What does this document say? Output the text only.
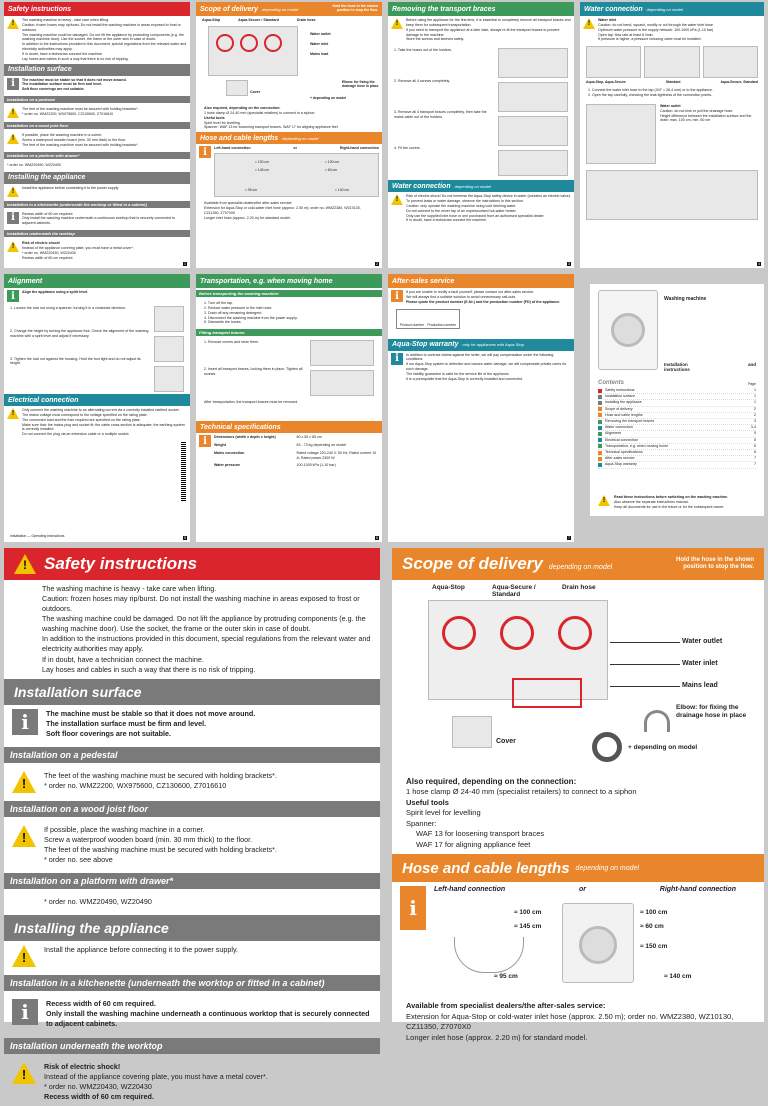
Safety instructions
!
The washing machine is heavy - take care when lifting.
Caution: frozen hoses may rip/burst. Do not install the washing machine in areas exposed to frost or outdoors.
The washing machine could be damaged. Do not lift the appliance by protruding components (e.g. the washing machine door). Use the socket, the frame or the outer skin in case of doubt.
In addition to the instructions provided in this document, special regulations from the relevant water and electricity authorities may apply.
If in doubt, have a technician connect the machine.
Lay hoses and cables in such a way that there is no risk of tripping.
Installation surface
i	The machine must be stable so that it does not move around.
The installation surface must be firm and level.
Soft floor coverings are not suitable.
Installation on a pedestal
!
The feet of the washing machine must be secured with holding brackets*.
* order no. WMZ2200, WX975600, CZ130600, Z7016610
Installation on a wood joist floor
!
If possible, place the washing machine in a corner.
Screw a waterproof wooden board (min. 30 mm thick) to the floor.
The feet of the washing machine must be secured with holding brackets*.
Installation on a platform with drawer*
* order no. WMZ20490, WZ20490
Installing the appliance
!
Install the appliance before connecting it to the power supply.
Installation in a kitchenette (underneath the worktop or fitted in a cabinet)
i	Recess width of 60 cm required.
Only install the washing machine underneath a continuous worktop that is securely connected to adjacent cabinets.
Installation underneath the worktop
!
Risk of electric shock!
Instead of the appliance covering plate, you must have a metal cover*.
* order no. WMZ20430, WZ20430
Recess width of 60 cm required.
1
Scope of delivery depending on model
Hold the hose in the shown position to stop the flow.
Aqua-Stop	Aqua-Secure / Standard	Drain hose
Water outlet
Water inlet
Mains lead
Cover
Elbow: for fixing the drainage hose in place
+ depending on model
Also required, depending on the connection:
1 hose clamp Ø 24-40 mm (specialist retailers) to connect to a siphon
Useful tools
Spirit level for levelling
Spanner: WAF 13 for loosening transport braces, WAF 17 for aligning appliance feet
Hose and cable lengths depending on model
i	Left-hand connection	or	Right-hand connection
≈ 100 cm
≈ 145 cm
≈ 100 cm
≈ 60 cm
≈ 95 cm	≈ 140 cm
Available from specialist dealers/the after-sales service:
Extension for Aqua-Stop or cold-water inlet hose (approx. 2.50 m); order no. WMZ2380, WZ10130, CZ11350, Z7070X0
Longer inlet hose (approx. 2.20 m) for standard model.
2
Removing the transport braces
!
Before using the appliance for the first time, it is essential to completely remove all transport braces and keep them for subsequent transportation.
If you need to transport the appliance at a later date, always re-fit the transport braces to prevent damage to the machine.
Store the screws and sleeves safely.
1. Take the hoses out of the holders.
2. Remove all 4 screws completely.
3. Remove all 4 transport braces completely, then take the mains cable out of the holders.
4. Fit the covers.
Water connection depending on model
!
Risk of electric shock! Do not immerse the Aqua-Stop safety device in water (contains an electric valve).
To prevent leaks or water damage, observe the instructions in this section.
Caution: only operate the washing machine using cold drinking water.
Do not connect to the mixer tap of an unpressurised hot-water heater.
Only use the supplied inlet hose or one purchased from an authorised specialist dealer.
If in doubt, have a technician connect the machine.
3
Water connection depending on model
!
Water inlet
Caution: do not bend, squash, modify or cut through the water inlet hose.
Optimum water pressure in the supply network: 100-1000 kPa (1-10 bar)
Open tap: flow rate at least 8 l/min.
If pressure is higher, a pressure reducing valve must be installed.
Aqua-Stop, Aqua-Secure	Standard	Aqua-Secure, Standard
1. Connect the water inlet hose to the tap (3/4" = 26.4 mm) or to the appliance.
2. Open the tap carefully, checking the leak tightness of the connection points.
Water outlet
Caution: do not kink or pull the drainage hose.
Height difference between the installation surface and the drain: max. 100 cm, min. 60 cm
4
Alignment
i	Align the appliance using a spirit level.
1. Loosen the lock nut using a spanner, turning it in a clockwise direction.
2. Change the height by turning the appliance foot. Check the alignment of the washing machine with a spirit level and adjust if necessary.
3. Tighten the lock nut against the housing. Hold the foot tight and do not adjust its height.
Electrical connection
!
Only connect the washing machine to an alternating current via a correctly installed earthed socket.
The mains voltage must correspond to the voltage specified on the rating plate.
The connected load and the fuse required are specified on the rating plate.
Make sure that: the mains plug and socket fit; the cable cross section is adequate; the earthing system is correctly installed.
Do not connect the plug via an extension cable or a multiple socket.
Installation — Operating instructions	5
Transportation, e.g. when moving home
Before transporting the washing machine:
1. Turn off the tap.
2. Reduce water pressure in the inlet hose.
3. Drain off any remaining detergent.
4. Disconnect the washing machine from the power supply.
5. Dismantle the hoses.
Fitting transport braces:
1. Remove covers and store them.
2. Insert all transport braces, locking them in place. Tighten all screws.
After transportation, the transport braces must be removed.
Technical specifications
i	Dimensions (width x depth x height)	60 x 55 x 85 cm
Weight	63 - 73 kg depending on model
Mains connection	Rated voltage 220-240 V, 50 Hz; Rated current 10 A; Rated power 2300 W
Water pressure	100-1000 kPa (1-10 bar)
6
After-sales service
i	If you are unable to rectify a fault yourself, please contact our after-sales service.
We will always find a suitable solution to avoid unnecessary call-outs.
Please quote the product number (E-Nr.) and the production number (FD) of the appliance.
Product number Production number
Aqua-Stop warranty only for appliances with Aqua-Stop
i	In addition to contract claims against the seller, we will pay compensation under the following conditions:
If our Aqua-Stop system is defective and causes water damage, we will compensate private users for such damage.
The liability guarantee is valid for the service life of the appliance.
It is a prerequisite that the Aqua-Stop is correctly installed and connected.
7
Washing machine
Installation	and
instructions
Contents	Page
Safety instructions	1
Installation surface	1
Installing the appliance	1
Scope of delivery	2
Hose and cable lengths	2
Removing the transport braces	3
Water connection	3-4
Alignment	5
Electrical connection	5
Transportation, e.g. when moving home	6
Technical specifications	6
After-sales service	7
Aqua-Stop warranty	7
!
Read these instructions before switching on the washing machine.
Also observe the separate instructions manual.
Keep all documents for use in the future or for the subsequent owner.
!	Safety instructions
The washing machine is heavy - take care when lifting.
Caution: frozen hoses may rip/burst. Do not install the washing machine in areas exposed to frost or outdoors.
The washing machine could be damaged. Do not lift the appliance by protruding components (e.g. the washing machine door). Use the socket, the frame or the outer skin in case of doubt.
In addition to the instructions provided in this document, special regulations from the relevant water and electricity authorities may apply.
If in doubt, have a technician connect the machine.
Lay hoses and cables in such a way that there is no risk of tripping.
Installation surface
i	The machine must be stable so that it does not move around.
The installation surface must be firm and level.
Soft floor coverings are not suitable.
Installation on a pedestal
!
The feet of the washing machine must be secured with holding brackets*.
* order no. WMZ2200, WX975600, CZ130600, Z7016610
Installation on a wood joist floor
!
If possible, place the washing machine in a corner.
Screw a waterproof wooden board (min. 30 mm thick) to the floor.
The feet of the washing machine must be secured with holding brackets*.
* order no. see above
Installation on a platform with drawer*
* order no. WMZ20490, WZ20490
Installing the appliance
!
Install the appliance before connecting it to the power supply.
Installation in a kitchenette (underneath the worktop or fitted in a cabinet)
i	Recess width of 60 cm required.
Only install the washing machine underneath a continuous worktop that is securely connected to adjacent cabinets.
Installation underneath the worktop
!
Risk of electric shock!
Instead of the appliance covering plate, you must have a metal cover*.
* order no. WMZ20430, WZ20430
Recess width of 60 cm required.
Scope of delivery depending on model
Hold the hose in the shown position to stop the flow.
Aqua-Stop	Aqua-Secure / Standard
Drain hose
Water outlet
Water inlet
Mains lead
Cover
Elbow: for fixing the drainage hose in place
+ depending on model
Also required, depending on the connection:
1 hose clamp Ø 24-40 mm (specialist retailers) to connect to a siphon
Useful tools
Spirit level for levelling
Spanner:
WAF 13 for loosening transport braces
WAF 17 for aligning appliance feet
Hose and cable lengths depending on model
i
Left-hand connection	or	Right-hand connection
≈ 100 cm
≈ 145 cm
≈ 95 cm
≈ 100 cm
≈ 60 cm
≈ 140 cm
≈ 150 cm
Available from specialist dealers/the after-sales service:
Extension for Aqua-Stop or cold-water inlet hose (approx. 2.50 m); order no. WMZ2380, WZ10130, CZ11350, Z7070X0
Longer inlet hose (approx. 2.20 m) for standard model.
